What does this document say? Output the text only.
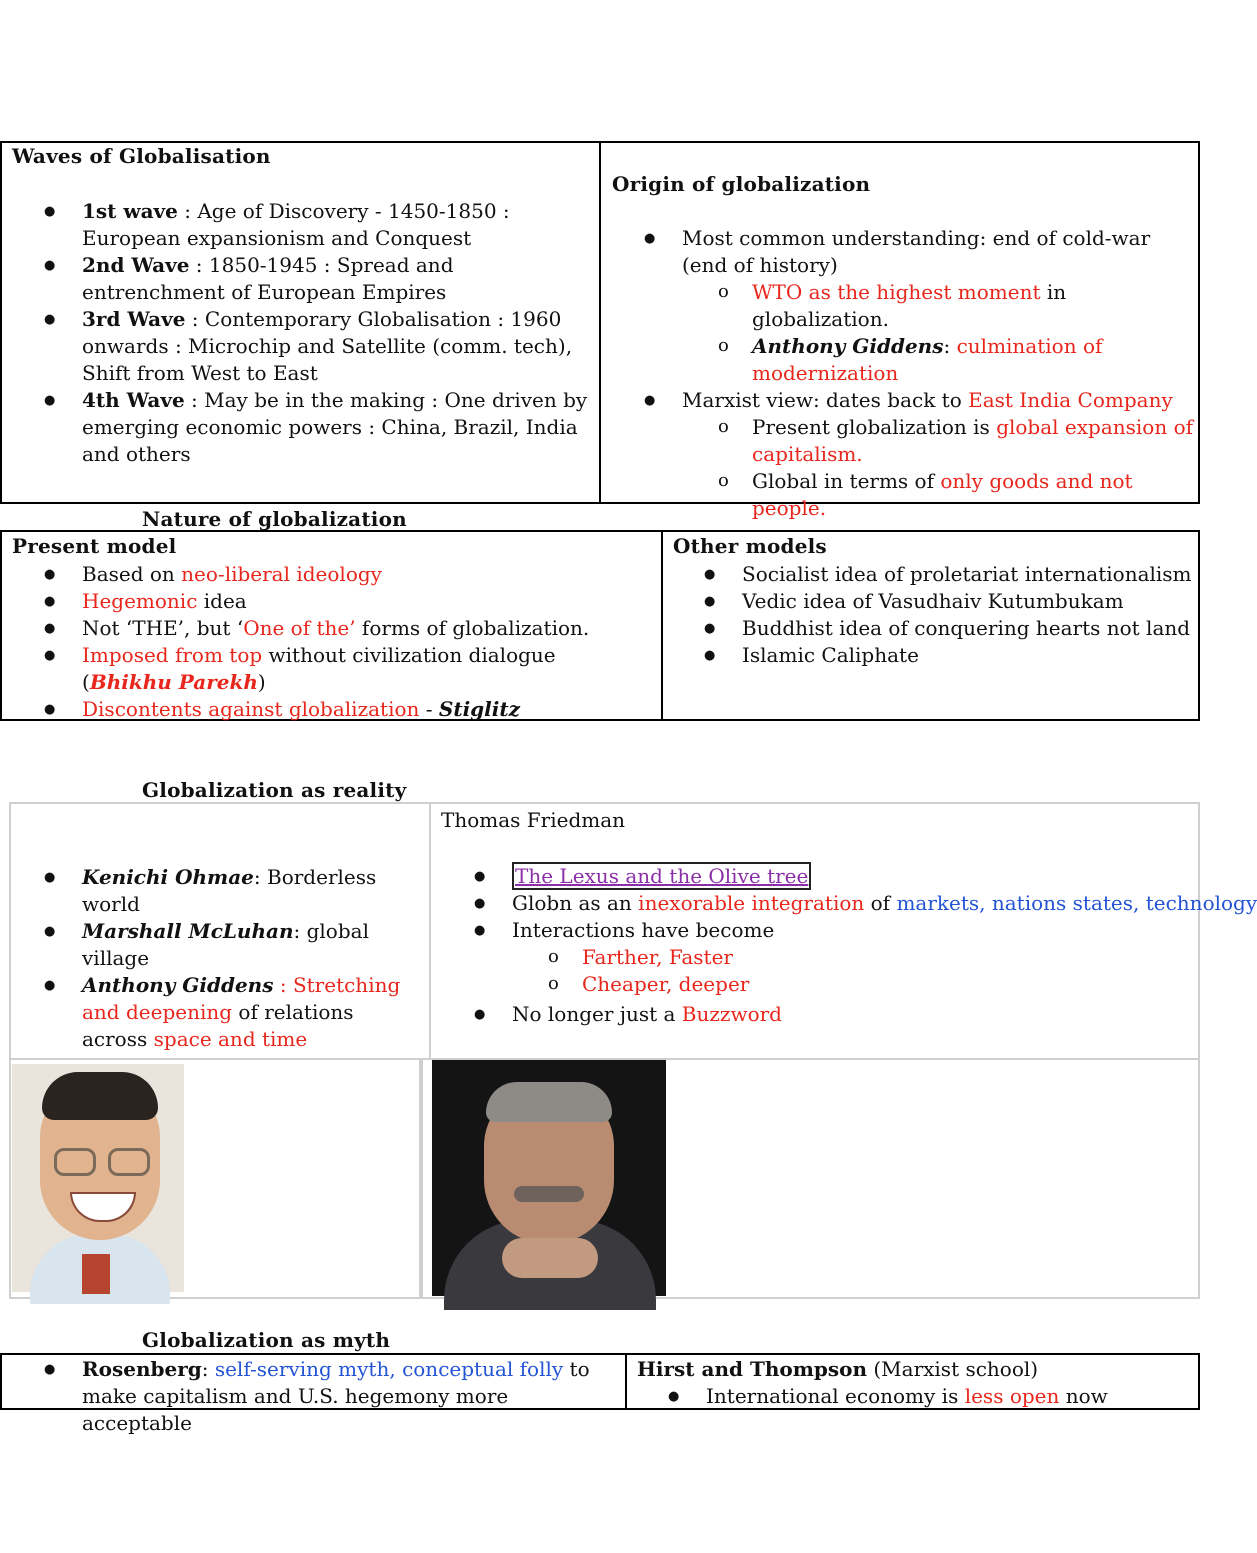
Waves of Globalisation
● 1st wave : Age of Discovery - 1450-1850 : European expansionism and Conquest
● 2nd Wave : 1850-1945 : Spread and entrenchment of European Empires
● 3rd Wave : Contemporary Globalisation : 1960 onwards : Microchip and Satellite (comm. tech), Shift from West to East
● 4th Wave : May be in the making : One driven by emerging economic powers : China, Brazil, India and others
Origin of globalization
● Most common understanding: end of cold-war (end of history)
o WTO as the highest moment in globalization.
o Anthony Giddens: culmination of modernization
● Marxist view: dates back to East India Company
o Present globalization is global expansion of capitalism.
o Global in terms of only goods and not people.
Nature of globalization
Present model
● Based on neo-liberal ideology
● Hegemonic idea
● Not ‘THE’, but ‘One of the’ forms of globalization.
● Imposed from top without civilization dialogue (Bhikhu Parekh)
● Discontents against globalization - Stiglitz
Other models
● Socialist idea of proletariat internationalism
● Vedic idea of Vasudhaiv Kutumbukam
● Buddhist idea of conquering hearts not land
● Islamic Caliphate
Globalization as reality
● Kenichi Ohmae: Borderless world
● Marshall McLuhan: global village
● Anthony Giddens : Stretching and deepening of relations across space and time
Thomas Friedman
● The Lexus and the Olive tree
● Globn as an inexorable integration of markets, nations states, technology
● Interactions have become
o Farther, Faster
o Cheaper, deeper
● No longer just a Buzzword
Globalization as myth
● Rosenberg: self-serving myth, conceptual folly to make capitalism and U.S. hegemony more acceptable
Hirst and Thompson (Marxist school)
● International economy is less open now
